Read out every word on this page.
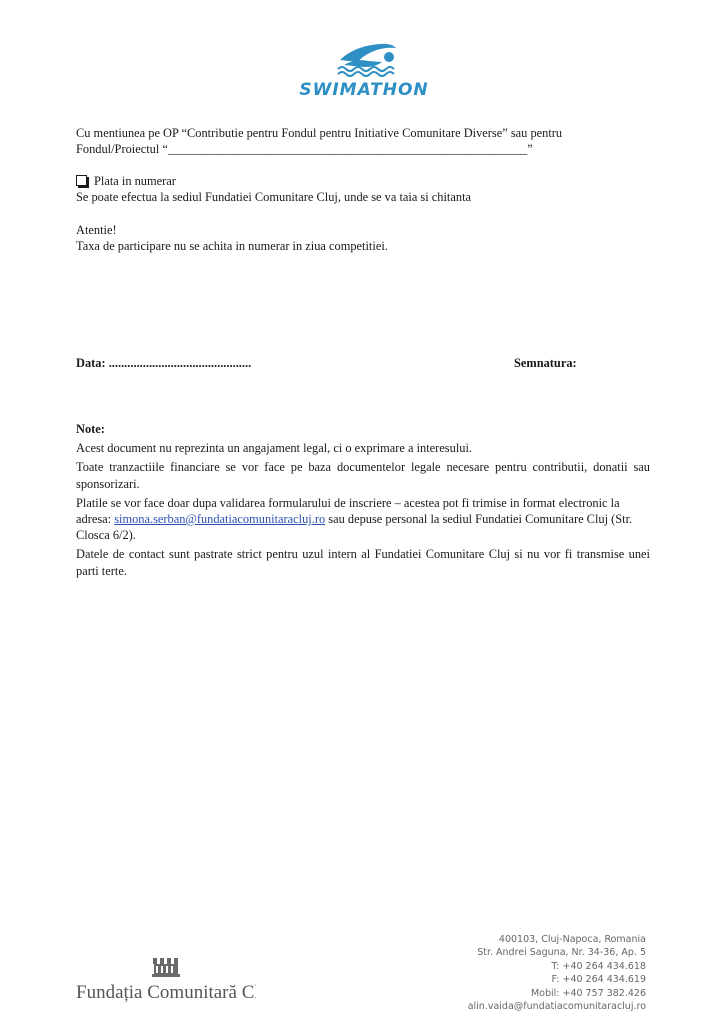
SWIMATHON
Cu mentiunea pe OP “Contributie pentru Fondul pentru Initiative Comunitare Diverse” sau pentru
Fondul/Proiectul “__________________________________________________________”
Plata in numerar
Se poate efectua la sediul Fundatiei Comunitare Cluj, unde se va taia si chitanta
Atentie!
Taxa de participare nu se achita in numerar in ziua competitiei.
Data: ..............................................	Semnatura:
Note:
Acest document nu reprezinta un angajament legal, ci o exprimare a interesului.
Toate tranzactiile financiare se vor face pe baza documentelor legale necesare pentru contributii, donatii sau sponsorizari.
Platile se vor face doar dupa validarea formularului de inscriere – acestea pot fi trimise in format electronic la adresa: simona.serban@fundatiacomunitaracluj.ro sau depuse personal la sediul Fundatiei Comunitare Cluj (Str. Closca 6/2).
Datele de contact sunt pastrate strict pentru uzul intern al Fundatiei Comunitare Cluj si nu vor fi transmise unei parti terte.
Fundația Comunitară Cluj
400103, Cluj-Napoca, Romania
Str. Andrei Saguna, Nr. 34-36, Ap. 5
T: +40 264 434.618
F: +40 264 434.619
Mobil: +40 757 382.426
alin.vaida@fundatiacomunitaracluj.ro
